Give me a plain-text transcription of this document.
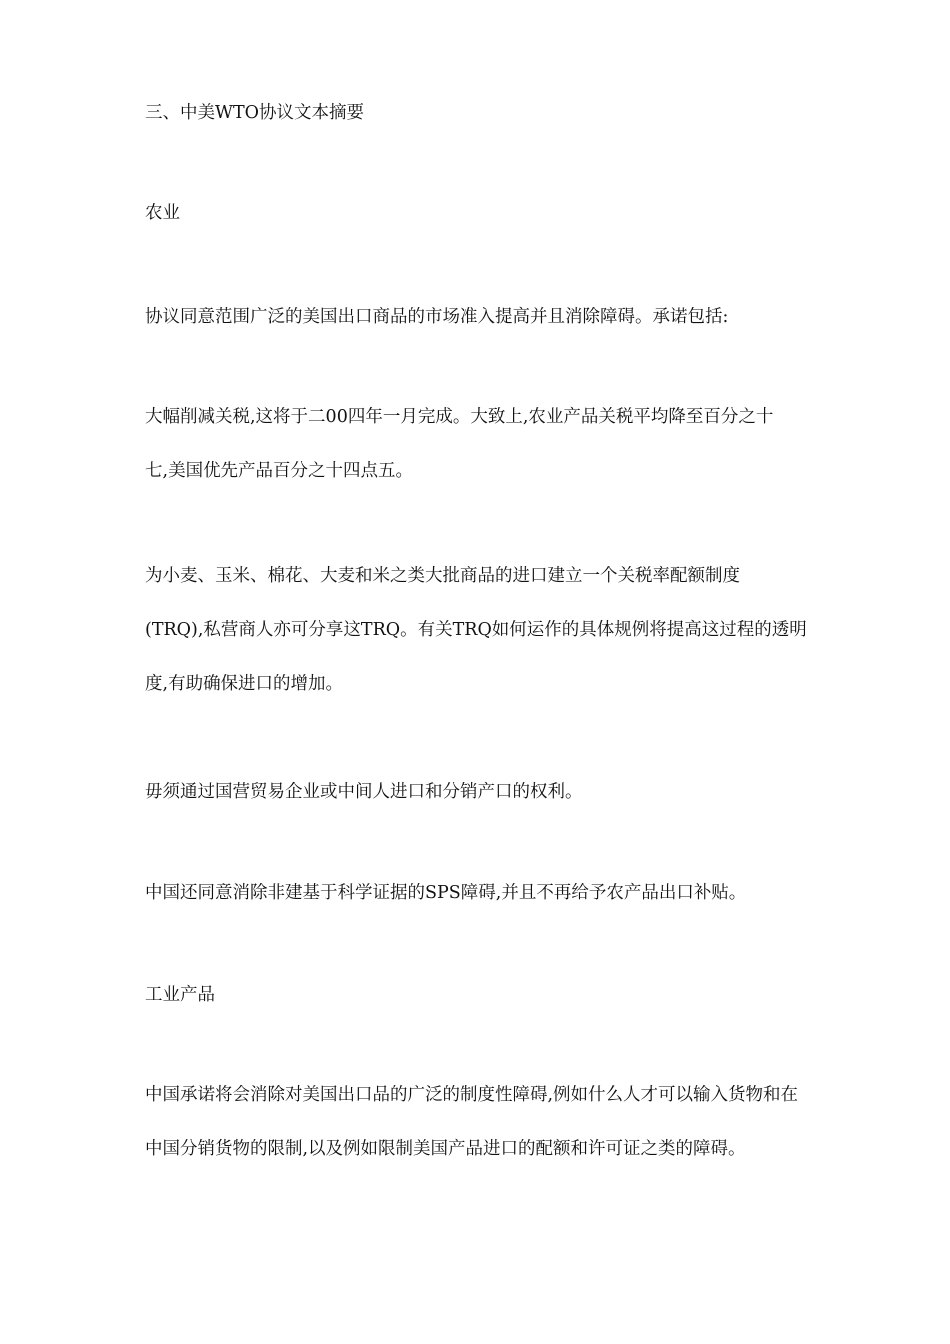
三、中美WTO协议文本摘要

农业

协议同意范围广泛的美国出口商品的市场准入提高并且消除障碍。承诺包括:

大幅削减关税,这将于二00四年一月完成。大致上,农业产品关税平均降至百分之十
七,美国优先产品百分之十四点五。

为小麦、玉米、棉花、大麦和米之类大批商品的进口建立一个关税率配额制度
(TRQ),私营商人亦可分享这TRQ。有关TRQ如何运作的具体规例将提高这过程的透明
度,有助确保进口的增加。

毋须通过国营贸易企业或中间人进口和分销产口的权利。

中国还同意消除非建基于科学证据的SPS障碍,并且不再给予农产品出口补贴。

工业产品

中国承诺将会消除对美国出口品的广泛的制度性障碍,例如什么人才可以输入货物和在
中国分销货物的限制,以及例如限制美国产品进口的配额和许可证之类的障碍。
